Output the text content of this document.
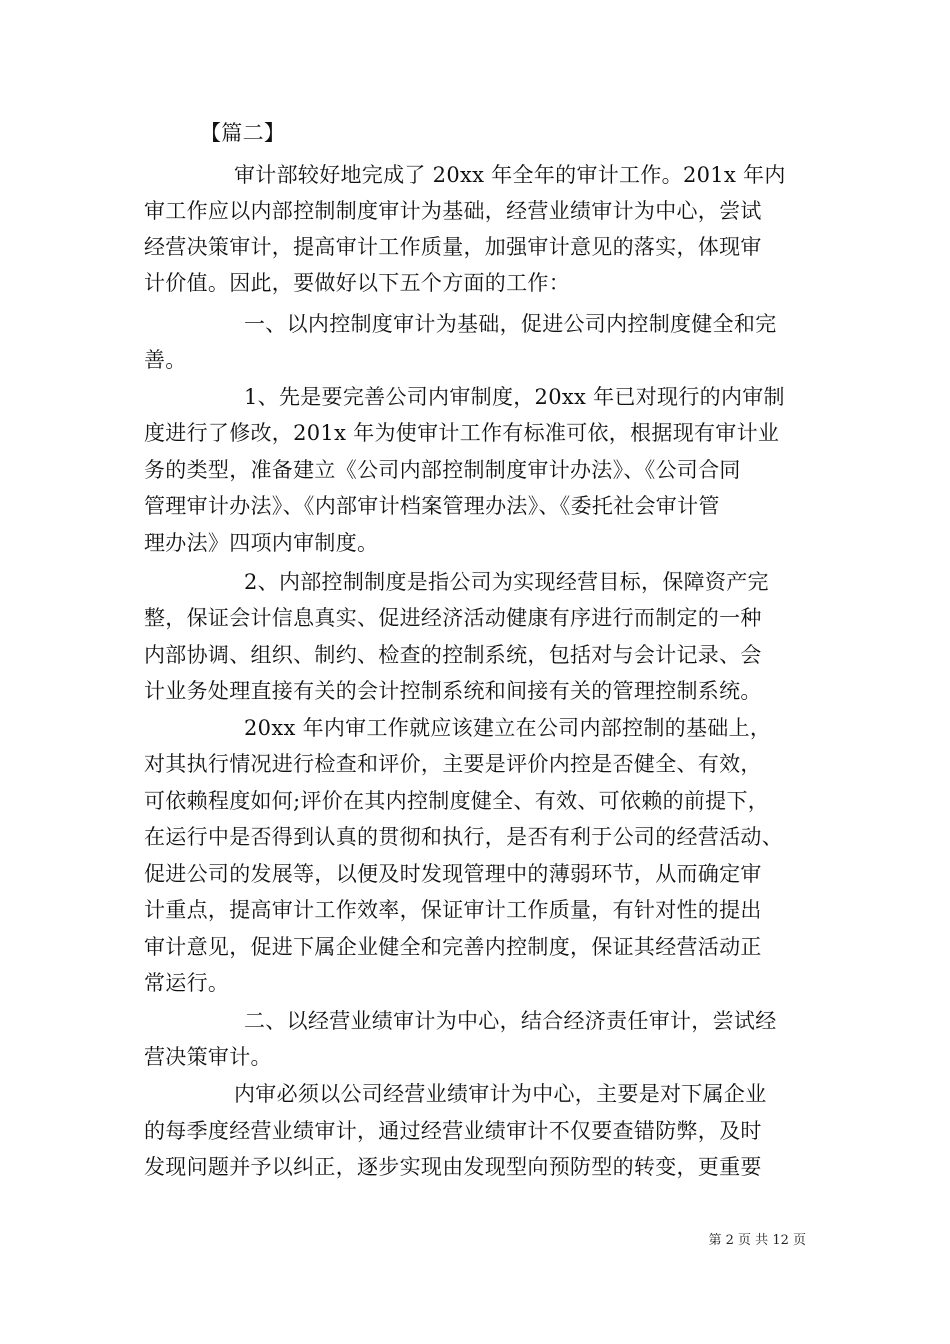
【篇二】
审计部较好地完成了 20xx 年全年的审计工作。201x 年内
审工作应以内部控制制度审计为基础，经营业绩审计为中心，尝试
经营决策审计，提高审计工作质量，加强审计意见的落实，体现审
计价值。因此，要做好以下五个方面的工作：
一、以内控制度审计为基础，促进公司内控制度健全和完
善。
1、先是要完善公司内审制度，20xx 年已对现行的内审制
度进行了修改，201x 年为使审计工作有标准可依，根据现有审计业
务的类型，准备建立《公司内部控制制度审计办法》、《公司合同
管理审计办法》、《内部审计档案管理办法》、《委托社会审计管
理办法》四项内审制度。
2、内部控制制度是指公司为实现经营目标，保障资产完
整，保证会计信息真实、促进经济活动健康有序进行而制定的一种
内部协调、组织、制约、检查的控制系统，包括对与会计记录、会
计业务处理直接有关的会计控制系统和间接有关的管理控制系统。
20xx 年内审工作就应该建立在公司内部控制的基础上，
对其执行情况进行检查和评价，主要是评价内控是否健全、有效，
可依赖程度如何;评价在其内控制度健全、有效、可依赖的前提下，
在运行中是否得到认真的贯彻和执行，是否有利于公司的经营活动、
促进公司的发展等，以便及时发现管理中的薄弱环节，从而确定审
计重点，提高审计工作效率，保证审计工作质量，有针对性的提出
审计意见，促进下属企业健全和完善内控制度，保证其经营活动正
常运行。
二、以经营业绩审计为中心，结合经济责任审计，尝试经
营决策审计。
内审必须以公司经营业绩审计为中心，主要是对下属企业
的每季度经营业绩审计，通过经营业绩审计不仅要查错防弊，及时
发现问题并予以纠正，逐步实现由发现型向预防型的转变，更重要
第 2 页 共 12 页
